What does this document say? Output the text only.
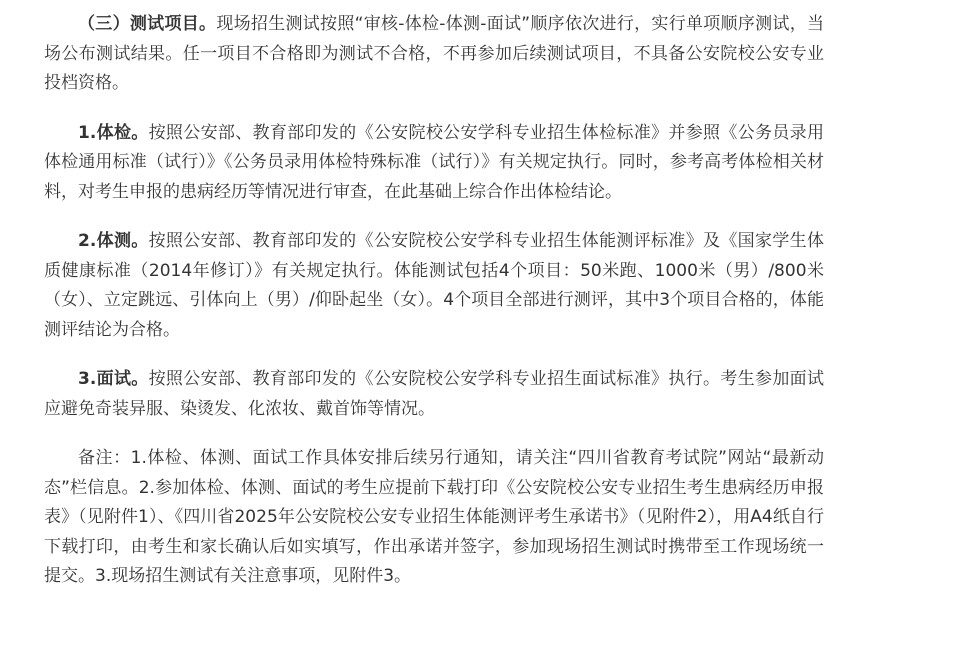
（三）测试项目。现场招生测试按照“审核-体检-体测-面试”顺序依次进行，实行单项顺序测试，当场公布测试结果。任一项目不合格即为测试不合格，不再参加后续测试项目，不具备公安院校公安专业投档资格。

1.体检。按照公安部、教育部印发的《公安院校公安学科专业招生体检标准》并参照《公务员录用体检通用标准（试行）》《公务员录用体检特殊标准（试行）》有关规定执行。同时，参考高考体检相关材料，对考生申报的患病经历等情况进行审查，在此基础上综合作出体检结论。

2.体测。按照公安部、教育部印发的《公安院校公安学科专业招生体能测评标准》及《国家学生体质健康标准（2014年修订）》有关规定执行。体能测试包括4个项目：50米跑、1000米（男）/800米（女）、立定跳远、引体向上（男）/仰卧起坐（女）。4个项目全部进行测评，其中3个项目合格的，体能测评结论为合格。

3.面试。按照公安部、教育部印发的《公安院校公安学科专业招生面试标准》执行。考生参加面试应避免奇装异服、染烫发、化浓妆、戴首饰等情况。

备注：1.体检、体测、面试工作具体安排后续另行通知，请关注“四川省教育考试院”网站“最新动态”栏信息。2.参加体检、体测、面试的考生应提前下载打印《公安院校公安专业招生考生患病经历申报表》（见附件1）、《四川省2025年公安院校公安专业招生体能测评考生承诺书》（见附件2），用A4纸自行下载打印，由考生和家长确认后如实填写，作出承诺并签字，参加现场招生测试时携带至工作现场统一提交。3.现场招生测试有关注意事项，见附件3。
